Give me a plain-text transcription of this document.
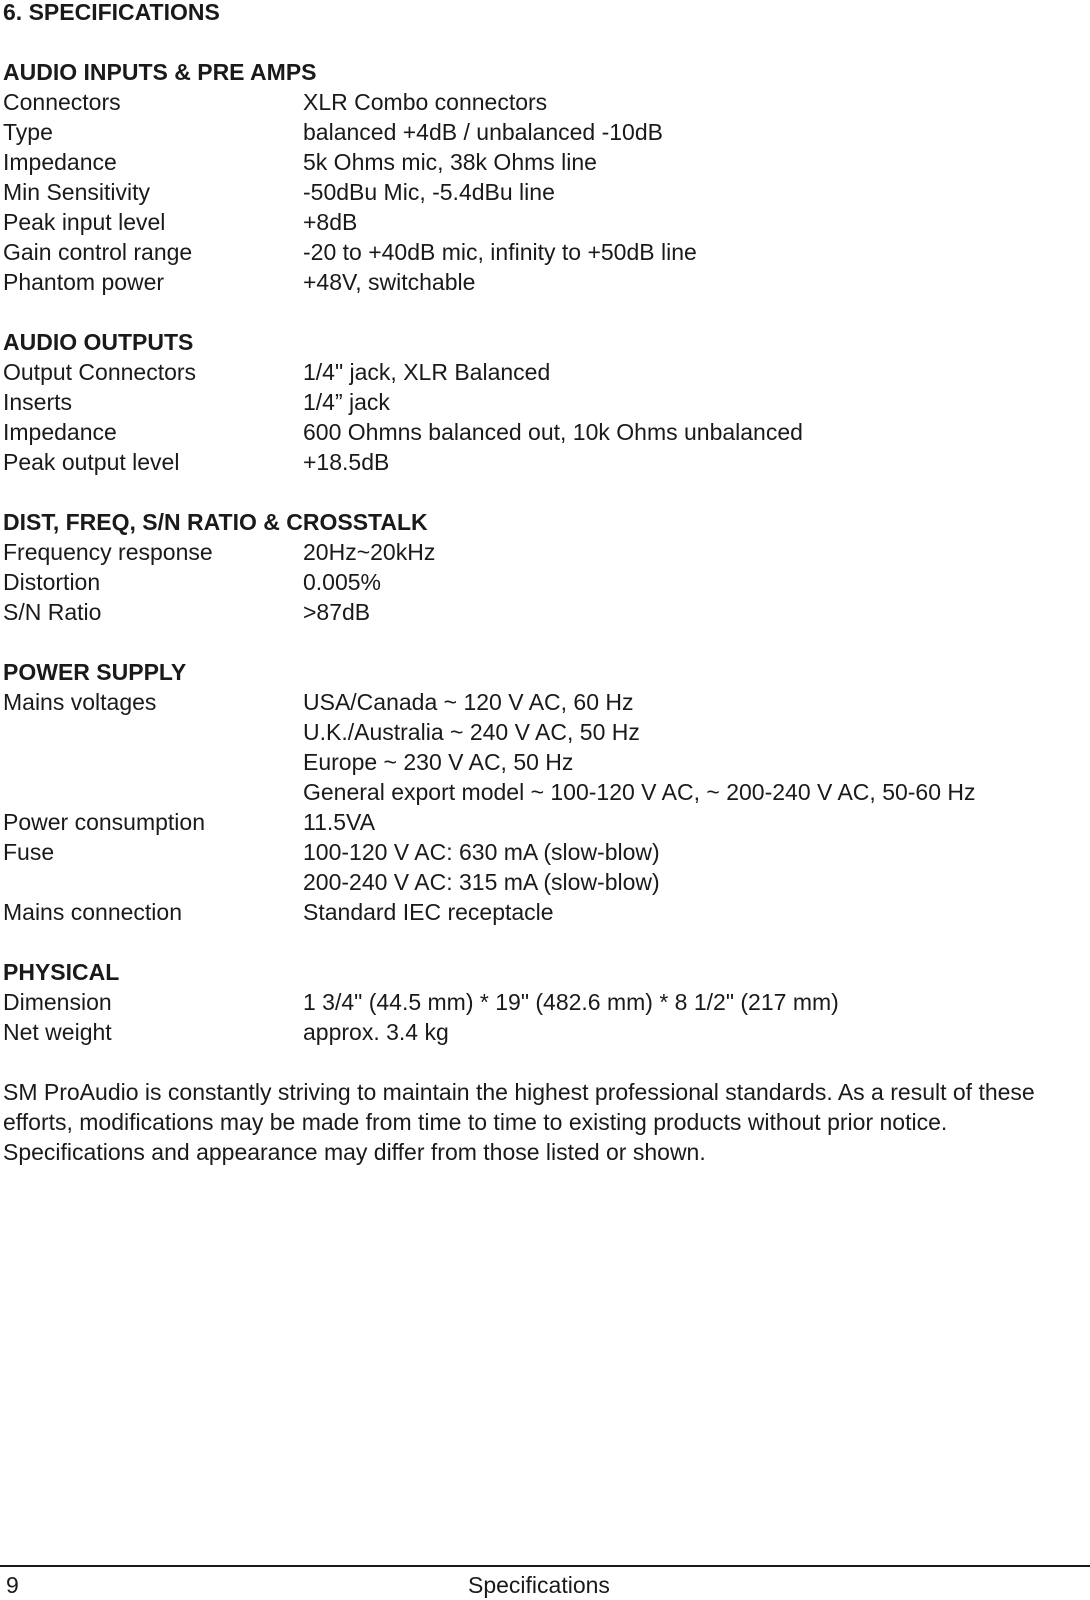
6. SPECIFICATIONS
AUDIO INPUTS & PRE AMPS
Connectors	XLR Combo connectors
Type	balanced +4dB / unbalanced -10dB
Impedance	5k Ohms mic, 38k Ohms line
Min Sensitivity	-50dBu Mic, -5.4dBu line
Peak input level	+8dB
Gain control range	-20 to +40dB mic, infinity to +50dB line
Phantom power	+48V, switchable
AUDIO OUTPUTS
Output Connectors	1/4" jack, XLR Balanced
Inserts	1/4” jack
Impedance	600 Ohmns balanced out, 10k Ohms unbalanced
Peak output level	+18.5dB
DIST, FREQ, S/N RATIO & CROSSTALK
Frequency response	20Hz~20kHz
Distortion	0.005%
S/N Ratio	>87dB
POWER SUPPLY
Mains voltages	USA/Canada ~ 120 V AC, 60 Hz
U.K./Australia ~ 240 V AC, 50 Hz
Europe ~ 230 V AC, 50 Hz
General export model ~ 100-120 V AC, ~ 200-240 V AC, 50-60 Hz
Power consumption	11.5VA
Fuse	100-120 V AC: 630 mA (slow-blow)
200-240 V AC: 315 mA (slow-blow)
Mains connection	Standard IEC receptacle
PHYSICAL
Dimension	1 3/4" (44.5 mm) * 19" (482.6 mm) * 8 1/2" (217 mm)
Net weight	approx. 3.4 kg
SM ProAudio is constantly striving to maintain the highest professional standards. As a result of these efforts, modifications may be made from time to time to existing products without prior notice. Specifications and appearance may differ from those listed or shown.
9	Specifications
